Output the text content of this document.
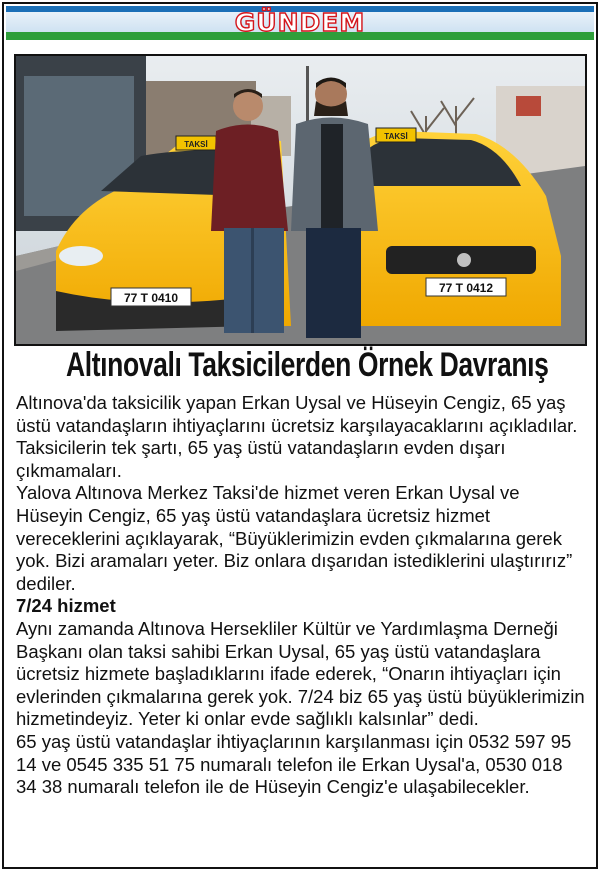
GÜNDEM
TAKSİ
77 T 0410
TAKSİ
77 T 0412
Altınovalı Taksicilerden Örnek Davranış

Altınova'da taksicilik yapan Erkan Uysal ve Hüseyin Cengiz, 65 yaş üstü vatandaşların ihtiyaçlarını ücretsiz karşılayacaklarını açıkladılar. Taksicilerin tek şartı, 65 yaş üstü vatandaşların evden dışarı çıkmamaları.

Yalova Altınova Merkez Taksi'de hizmet veren Erkan Uysal ve Hüseyin Cengiz, 65 yaş üstü vatandaşlara ücretsiz hizmet vereceklerini açıklayarak, “Büyüklerimizin evden çıkmalarına gerek yok. Bizi aramaları yeter. Biz onlara dışarıdan istediklerini ulaştırırız” dediler.

7/24 hizmet

Aynı zamanda Altınova Hersekliler Kültür ve Yardımlaşma Derneği Başkanı olan taksi sahibi Erkan Uysal, 65 yaş üstü vatandaşlara ücretsiz hizmete başladıklarını ifade ederek, “Onarın ihtiyaçları için evlerinden çıkmalarına gerek yok. 7/24 biz 65 yaş üstü büyüklerimizin hizmetindeyiz. Yeter ki onlar evde sağlıklı kalsınlar” dedi.

65 yaş üstü vatandaşlar ihtiyaçlarının karşılanması için 0532 597 95 14 ve 0545 335 51 75 numaralı telefon ile Erkan Uysal'a, 0530 018 34 38 numaralı telefon ile de Hüseyin Cengiz'e ulaşabilecekler.
